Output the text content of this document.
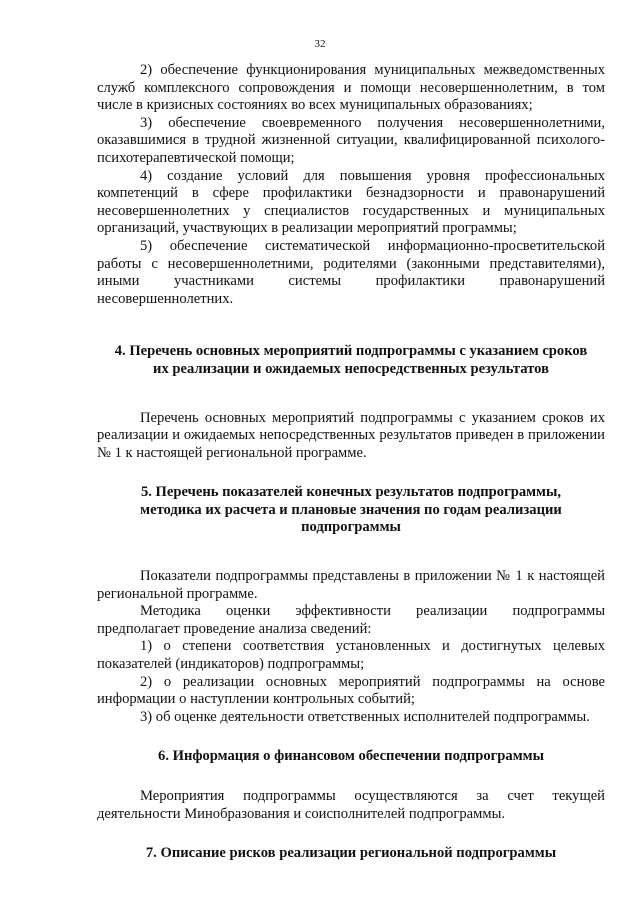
32

2) обеспечение функционирования муниципальных межведомственных служб комплексного сопровождения и помощи несовершеннолетним, в том числе в кризисных состояниях во всех муниципальных образованиях;

3) обеспечение своевременного получения несовершеннолетними, оказавшимися в трудной жизненной ситуации, квалифицированной психолого-психотерапевтической помощи;

4) создание условий для повышения уровня профессиональных компетенций в сфере профилактики безнадзорности и правонарушений несовершеннолетних у специалистов государственных и муниципальных организаций, участвующих в реализации мероприятий программы;

5) обеспечение систематической информационно-просветительской работы с несовершеннолетними, родителями (законными представителями), иными участниками системы профилактики правонарушений несовершеннолетних.

4. Перечень основных мероприятий подпрограммы с указанием сроков их реализации и ожидаемых непосредственных результатов

Перечень основных мероприятий подпрограммы с указанием сроков их реализации и ожидаемых непосредственных результатов приведен в приложении № 1 к настоящей региональной программе.

5. Перечень показателей конечных результатов подпрограммы, методика их расчета и плановые значения по годам реализации подпрограммы

Показатели подпрограммы представлены в приложении № 1 к настоящей региональной программе.

Методика оценки эффективности реализации подпрограммы предполагает проведение анализа сведений:

1) о степени соответствия установленных и достигнутых целевых показателей (индикаторов) подпрограммы;

2) о реализации основных мероприятий подпрограммы на основе информации о наступлении контрольных событий;

3) об оценке деятельности ответственных исполнителей подпрограммы.

6. Информация о финансовом обеспечении подпрограммы

Мероприятия подпрограммы осуществляются за счет текущей деятельности Минобразования и соисполнителей подпрограммы.

7. Описание рисков реализации региональной подпрограммы
